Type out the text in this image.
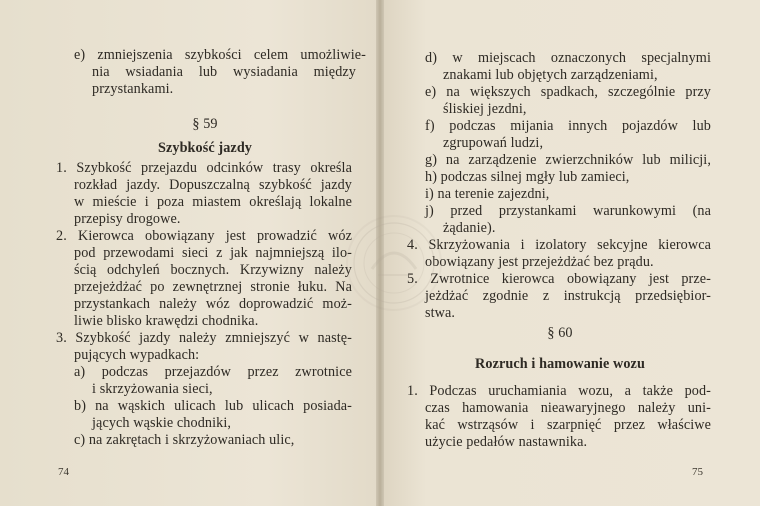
e) zmniejszenia szybkości celem umożliwie-
nia wsiadania lub wysiadania między
przystankami.
§ 59
Szybkość jazdy
1. Szybkość przejazdu odcinków trasy określa
rozkład jazdy. Dopuszczalną szybkość jazdy
w mieście i poza miastem określają lokalne
przepisy drogowe.
2. Kierowca obowiązany jest prowadzić wóz
pod przewodami sieci z jak najmniejszą ilo-
ścią odchyleń bocznych. Krzywizny należy
przejeżdżać po zewnętrznej stronie łuku. Na
przystankach należy wóz doprowadzić moż-
liwie blisko krawędzi chodnika.
3. Szybkość jazdy należy zmniejszyć w nastę-
pujących wypadkach:
a) podczas przejazdów przez zwrotnice
i skrzyżowania sieci,
b) na wąskich ulicach lub ulicach posiada-
jących wąskie chodniki,
c) na zakrętach i skrzyżowaniach ulic,
74
d) w miejscach oznaczonych specjalnymi
znakami lub objętych zarządzeniami,
e) na większych spadkach, szczególnie przy
śliskiej jezdni,
f) podczas mijania innych pojazdów lub
zgrupowań ludzi,
g) na zarządzenie zwierzchników lub milicji,
h) podczas silnej mgły lub zamieci,
i) na terenie zajezdni,
j) przed przystankami warunkowymi (na
żądanie).
4. Skrzyżowania i izolatory sekcyjne kierowca
obowiązany jest przejeżdżać bez prądu.
5. Zwrotnice kierowca obowiązany jest prze-
jeżdżać zgodnie z instrukcją przedsiębior-
stwa.
§ 60
Rozruch i hamowanie wozu
1. Podczas uruchamiania wozu, a także pod-
czas hamowania nieawaryjnego należy uni-
kać wstrząsów i szarpnięć przez właściwe
użycie pedałów nastawnika.
75
